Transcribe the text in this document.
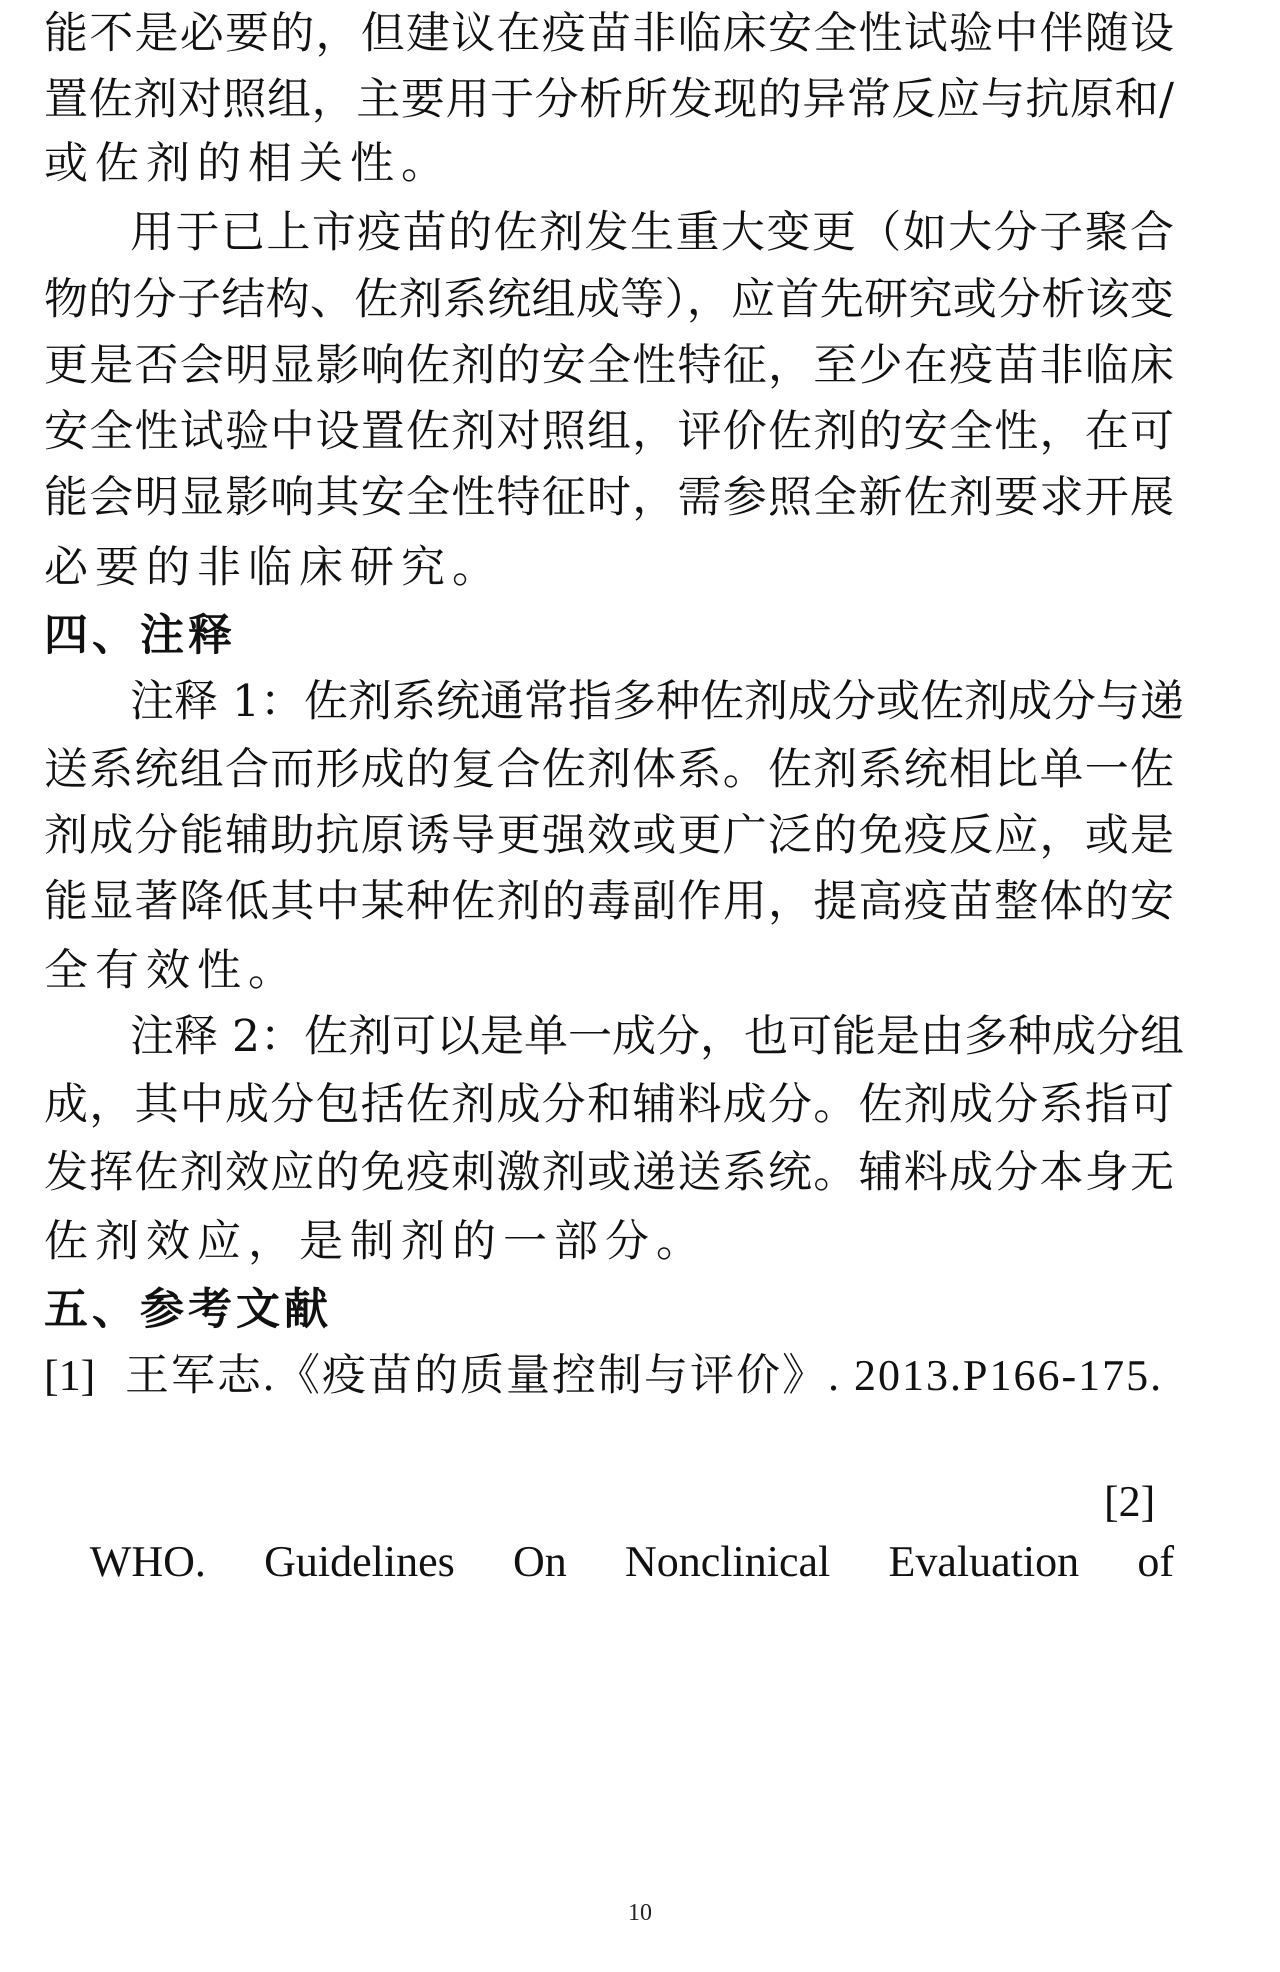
能不是必要的，但建议在疫苗非临床安全性试验中伴随设
置佐剂对照组，主要用于分析所发现的异常反应与抗原和/
或佐剂的相关性。
用于已上市疫苗的佐剂发生重大变更（如大分子聚合
物的分子结构、佐剂系统组成等），应首先研究或分析该变
更是否会明显影响佐剂的安全性特征，至少在疫苗非临床
安全性试验中设置佐剂对照组，评价佐剂的安全性，在可
能会明显影响其安全性特征时，需参照全新佐剂要求开展
必要的非临床研究。
四、注释
注释 1：佐剂系统通常指多种佐剂成分或佐剂成分与递
送系统组合而形成的复合佐剂体系。佐剂系统相比单一佐
剂成分能辅助抗原诱导更强效或更广泛的免疫反应，或是
能显著降低其中某种佐剂的毒副作用，提高疫苗整体的安
全有效性。
注释 2：佐剂可以是单一成分，也可能是由多种成分组
成，其中成分包括佐剂成分和辅料成分。佐剂成分系指可
发挥佐剂效应的免疫刺激剂或递送系统。辅料成分本身无
佐剂效应，是制剂的一部分。
五、参考文献
[1] 王军志.《疫苗的质量控制与评价》. 2013.P166-175.

[2]
WHO.     Guidelines     On     Nonclinical     Evaluation     of

10
